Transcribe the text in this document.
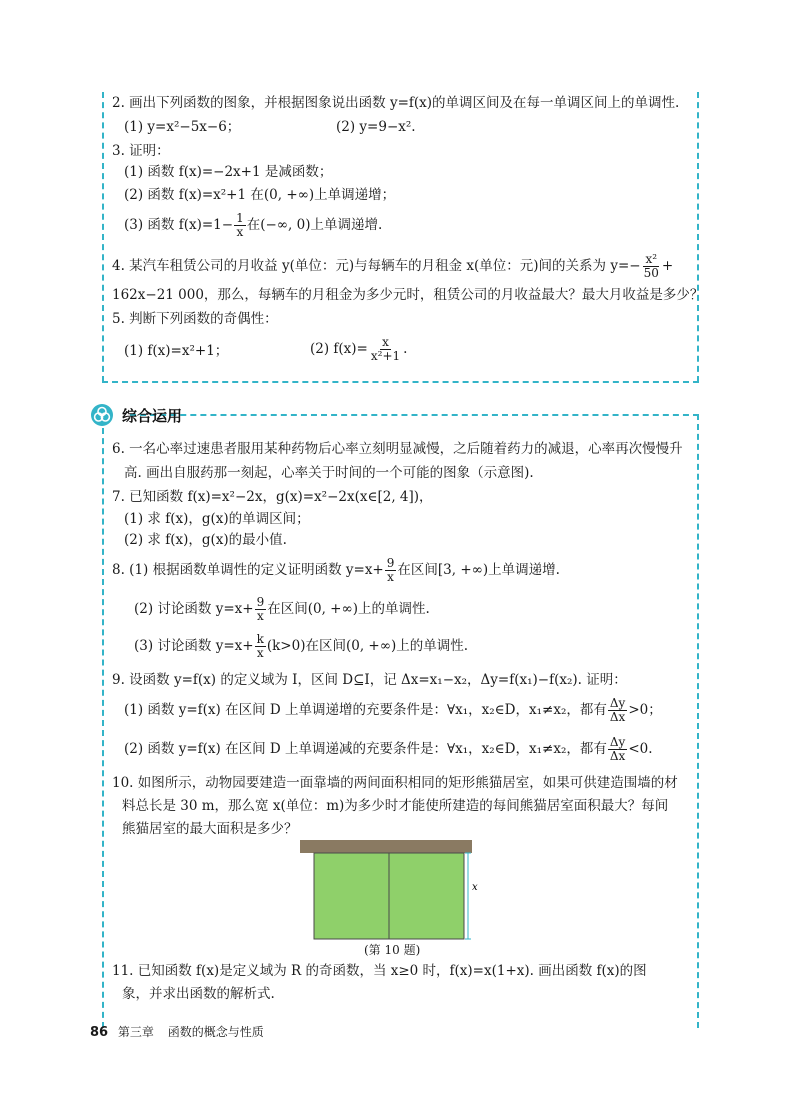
2. 画出下列函数的图象，并根据图象说出函数 y=f(x)的单调区间及在每一单调区间上的单调性.
(1) y=x²−5x−6；	(2) y=9−x².
3. 证明：
(1) 函数 f(x)=−2x+1 是减函数；
(2) 函数 f(x)=x²+1 在(0, +∞)上单调递增；
(3) 函数 $f(x)=1- \frac{1}{x}$ 在(−∞, 0)上单调递增.
4. 某汽车租赁公司的月收益 y(单位：元)与每辆车的月租金 x(单位：元)间的关系为 $y=- \frac{\text{x²}}{50}$ +
162x−21 000，那么，每辆车的月租金为多少元时，租赁公司的月收益最大？最大月收益是多少？
5. 判断下列函数的奇偶性：
(1) f(x)=x²+1；	(2) $f(x)= \frac{x}{\text{x²+1}}$ .
综合运用
6. 一名心率过速患者服用某种药物后心率立刻明显减慢，之后随着药力的减退，心率再次慢慢升
高. 画出自服药那一刻起，心率关于时间的一个可能的图象（示意图).
7. 已知函数 f(x)=x²−2x，g(x)=x²−2x(x∈[2, 4])，
(1) 求 f(x)，g(x)的单调区间；
(2) 求 f(x)，g(x)的最小值.
8. (1) 根据函数单调性的定义证明函数 $y=x+ \frac{9}{x}$ 在区间[3, +∞)上单调递增.
(2) 讨论函数 $y=x+ \frac{9}{x}$ 在区间(0, +∞)上的单调性.
(3) 讨论函数 $y=x+ \frac{k}{x} (k>0)$在区间(0, +∞)上的单调性.
9. 设函数 y=f(x) 的定义域为 I，区间 D⊆I，记 Δx=x₁−x₂，Δy=f(x₁)−f(x₂). 证明：
(1) 函数 y=f(x) 在区间 D 上单调递增的充要条件是：∀x₁，x₂∈D，x₁≠x₂，都有 $\frac{\Delta y}{\Delta x} >0$；
(2) 函数 y=f(x) 在区间 D 上单调递减的充要条件是：∀x₁，x₂∈D，x₁≠x₂，都有 $\frac{\Delta y}{\Delta x} <0$.
10. 如图所示，动物园要建造一面靠墙的两间面积相同的矩形熊猫居室，如果可供建造围墙的材
料总长是 30 m，那么宽 x(单位：m)为多少时才能使所建造的每间熊猫居室面积最大？每间
熊猫居室的最大面积是多少？
x
(第 10 题)
11. 已知函数 f(x)是定义域为 R 的奇函数，当 x≥0 时，f(x)=x(1+x). 画出函数 f(x)的图
象，并求出函数的解析式.
86 第三章 函数的概念与性质
